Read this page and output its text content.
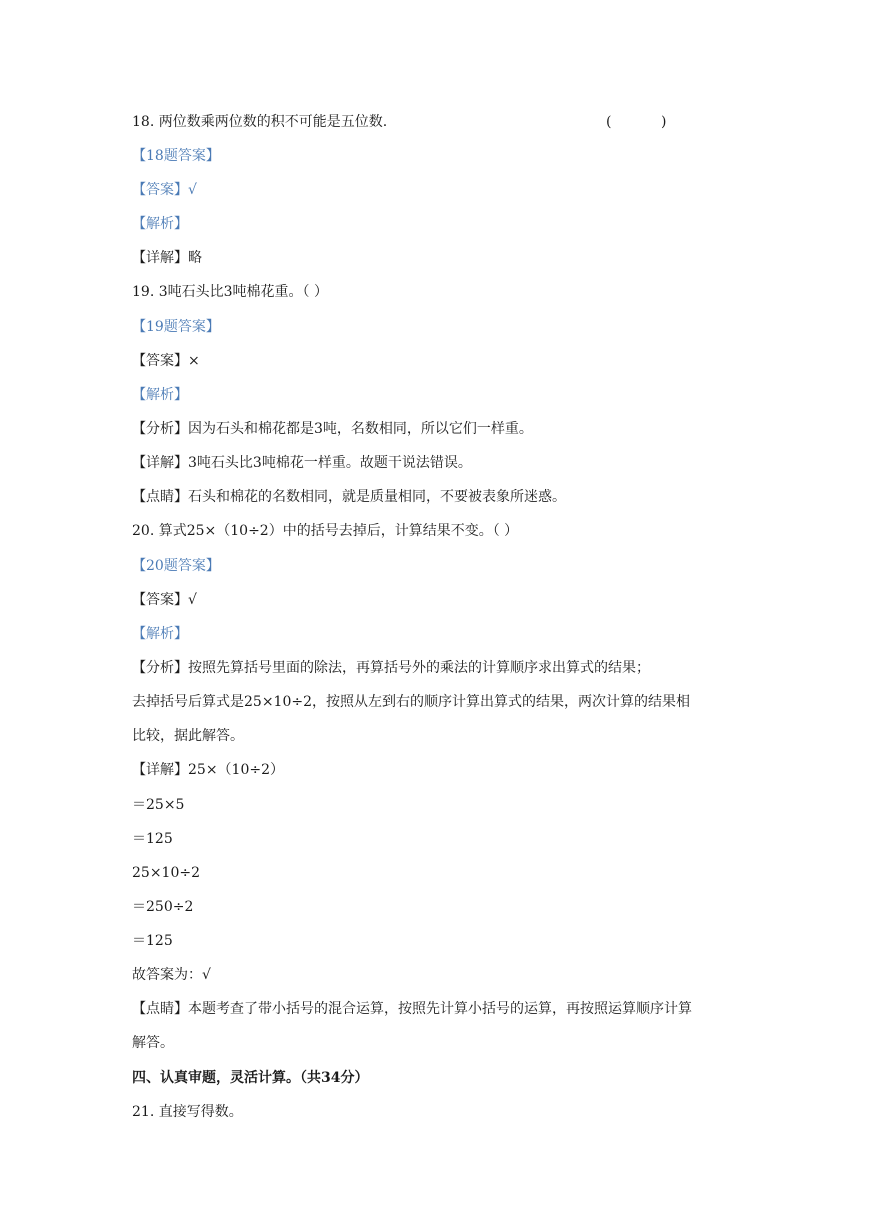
18. 两位数乘两位数的积不可能是五位数.	(	)
【18题答案】
【答案】√
【解析】
【详解】略
19. 3吨石头比3吨棉花重。（ ）
【19题答案】
【答案】×
【解析】
【分析】因为石头和棉花都是3吨，名数相同，所以它们一样重。
【详解】3吨石头比3吨棉花一样重。故题干说法错误。
【点睛】石头和棉花的名数相同，就是质量相同，不要被表象所迷惑。
20. 算式25×（10÷2）中的括号去掉后，计算结果不变。（ ）
【20题答案】
【答案】√
【解析】
【分析】按照先算括号里面的除法，再算括号外的乘法的计算顺序求出算式的结果；
去掉括号后算式是25×10÷2，按照从左到右的顺序计算出算式的结果，两次计算的结果相
比较，据此解答。
【详解】25×（10÷2）
＝25×5
＝125
25×10÷2
＝250÷2
＝125
故答案为：√
【点睛】本题考查了带小括号的混合运算，按照先计算小括号的运算，再按照运算顺序计算
解答。
四、认真审题，灵活计算。（共34分）
21. 直接写得数。
